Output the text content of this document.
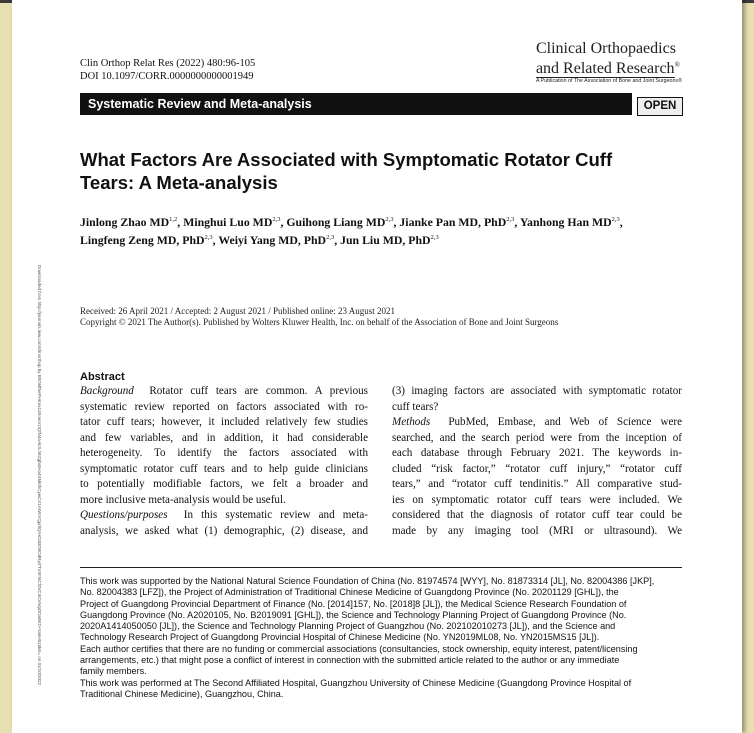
Clin Orthop Relat Res (2022) 480:96-105
DOI 10.1097/CORR.0000000000001949
Clinical Orthopaedics
and Related Research®
A Publication of The Association of Bone and Joint Surgeons®
Systematic Review and Meta-analysis	OPEN
What Factors Are Associated with Symptomatic Rotator Cuff
Tears: A Meta-analysis
Jinlong Zhao MD$^{1,2}$, Minghui Luo MD$^{2,3}$, Guihong Liang MD$^{2,3}$, Jianke Pan MD, PhD$^{2,3}$, Yanhong Han MD$^{2,3}$,
Lingfeng Zeng MD, PhD$^{2,3}$, Weiyi Yang MD, PhD$^{2,3}$, Jun Liu MD, PhD$^{2,3}$
Downloaded from http://journals.lww.com/clinorthop by BhDMf5ePHKav1zEoum1tQfN4a+kJLhEZgbsIHo4XMi0hCywCX1AWnYQp/IlQrHD3i3D0OdRyi7TvSFl4Cf3VC4/OAVpDDa8K2+Ya6H515kE= on 01/10/2022	Received: 26 April 2021 / Accepted: 2 August 2021 / Published online: 23 August 2021
Copyright © 2021 The Author(s). Published by Wolters Kluwer Health, Inc. on behalf of the Association of Bone and Joint Surgeons
Abstract
Background Rotator cuff tears are common. A previous
systematic review reported on factors associated with ro-
tator cuff tears; however, it included relatively few studies
and few variables, and in addition, it had considerable
heterogeneity. To identify the factors associated with
symptomatic rotator cuff tears and to help guide clinicians
to potentially modifiable factors, we felt a broader and
more inclusive meta-analysis would be useful.
Questions/purposes In this systematic review and meta-
analysis, we asked what (1) demographic, (2) disease, and
(3) imaging factors are associated with symptomatic rotator
cuff tears?
Methods PubMed, Embase, and Web of Science were
searched, and the search period were from the inception of
each database through February 2021. The keywords in-
cluded “risk factor,” “rotator cuff injury,” “rotator cuff
tears,” and “rotator cuff tendinitis.” All comparative stud-
ies on symptomatic rotator cuff tears were included. We
considered that the diagnosis of rotator cuff tear could be
made by any imaging tool (MRI or ultrasound). We
This work was supported by the National Natural Science Foundation of China (No. 81974574 [WYY], No. 81873314 [JL], No. 82004386 [JKP],
No. 82004383 [LFZ]), the Project of Administration of Traditional Chinese Medicine of Guangdong Province (No. 20201129 [GHL]), the
Project of Guangdong Provincial Department of Finance (No. [2014]157, No. [2018]8 [JL]), the Medical Science Research Foundation of
Guangdong Province (No. A2020105, No. B2019091 [GHL]), the Science and Technology Planning Project of Guangdong Province (No.
2020A1414050050 [JL]), the Science and Technology Planning Project of Guangzhou (No. 202102010273 [JL]), and the Science and
Technology Research Project of Guangdong Provincial Hospital of Chinese Medicine (No. YN2019ML08, No. YN2015MS15 [JL]).
Each author certifies that there are no funding or commercial associations (consultancies, stock ownership, equity interest, patent/licensing
arrangements, etc.) that might pose a conflict of interest in connection with the submitted article related to the author or any immediate
family members.
This work was performed at The Second Affiliated Hospital, Guangzhou University of Chinese Medicine (Guangdong Province Hospital of
Traditional Chinese Medicine), Guangzhou, China.
